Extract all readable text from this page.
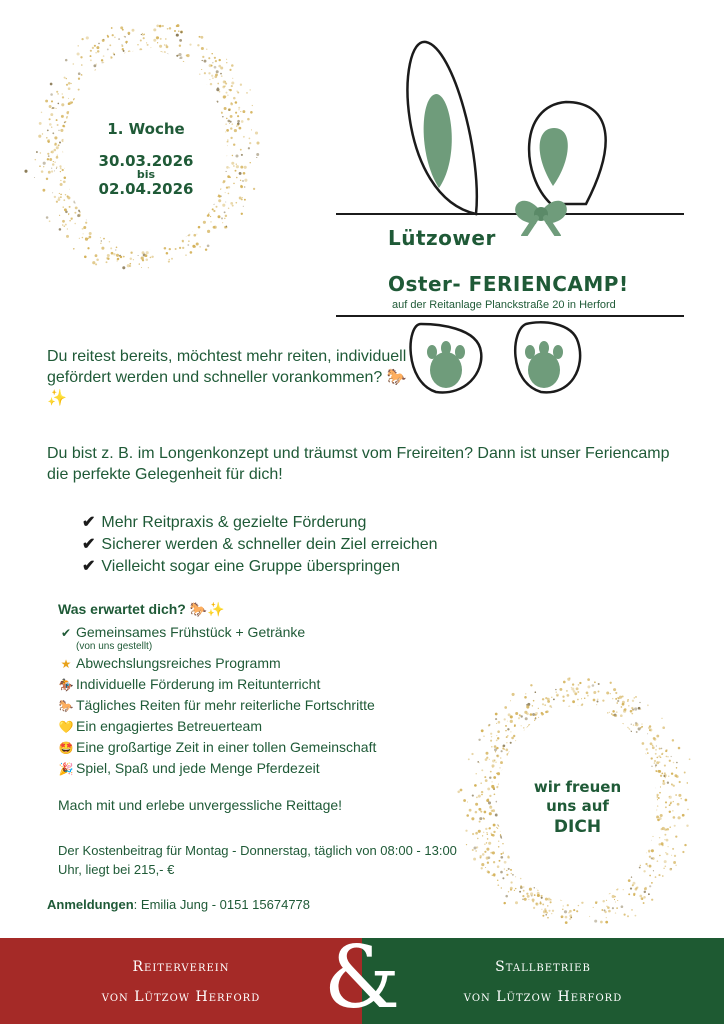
1. Woche
30.03.2026
bis
02.04.2026
Lützower
Oster- FERIENCAMP!
auf der Reitanlage Planckstraße 20 in Herford
Du reitest bereits, möchtest mehr reiten, individuell gefördert werden und schneller vorankommen? 🐎✨
Du bist z. B. im Longenkonzept und träumst vom Freireiten? Dann ist unser Feriencamp die perfekte Gelegenheit für dich!
✔ Mehr Reitpraxis & gezielte Förderung
✔ Sicherer werden & schneller dein Ziel erreichen
✔ Vielleicht sogar eine Gruppe überspringen
Was erwartet dich? 🐎✨
✔ Gemeinsames Frühstück + Getränke
(von uns gestellt)
★ Abwechslungsreiches Programm
🏇 Individuelle Förderung im Reitunterricht
🐎 Tägliches Reiten für mehr reiterliche Fortschritte
💛 Ein engagiertes Betreuerteam
🤩 Eine großartige Zeit in einer tollen Gemeinschaft
🎉 Spiel, Spaß und jede Menge Pferdezeit
Mach mit und erlebe unvergessliche Reittage!
Der Kostenbeitrag für Montag - Donnerstag, täglich von 08:00 - 13:00 Uhr, liegt bei 215,- €
Anmeldungen: Emilia Jung - 0151 15674778
wir freuen
uns auf
DICH
Reiterverein
von Lützow Herford
Stallbetrieb
von Lützow Herford
&
